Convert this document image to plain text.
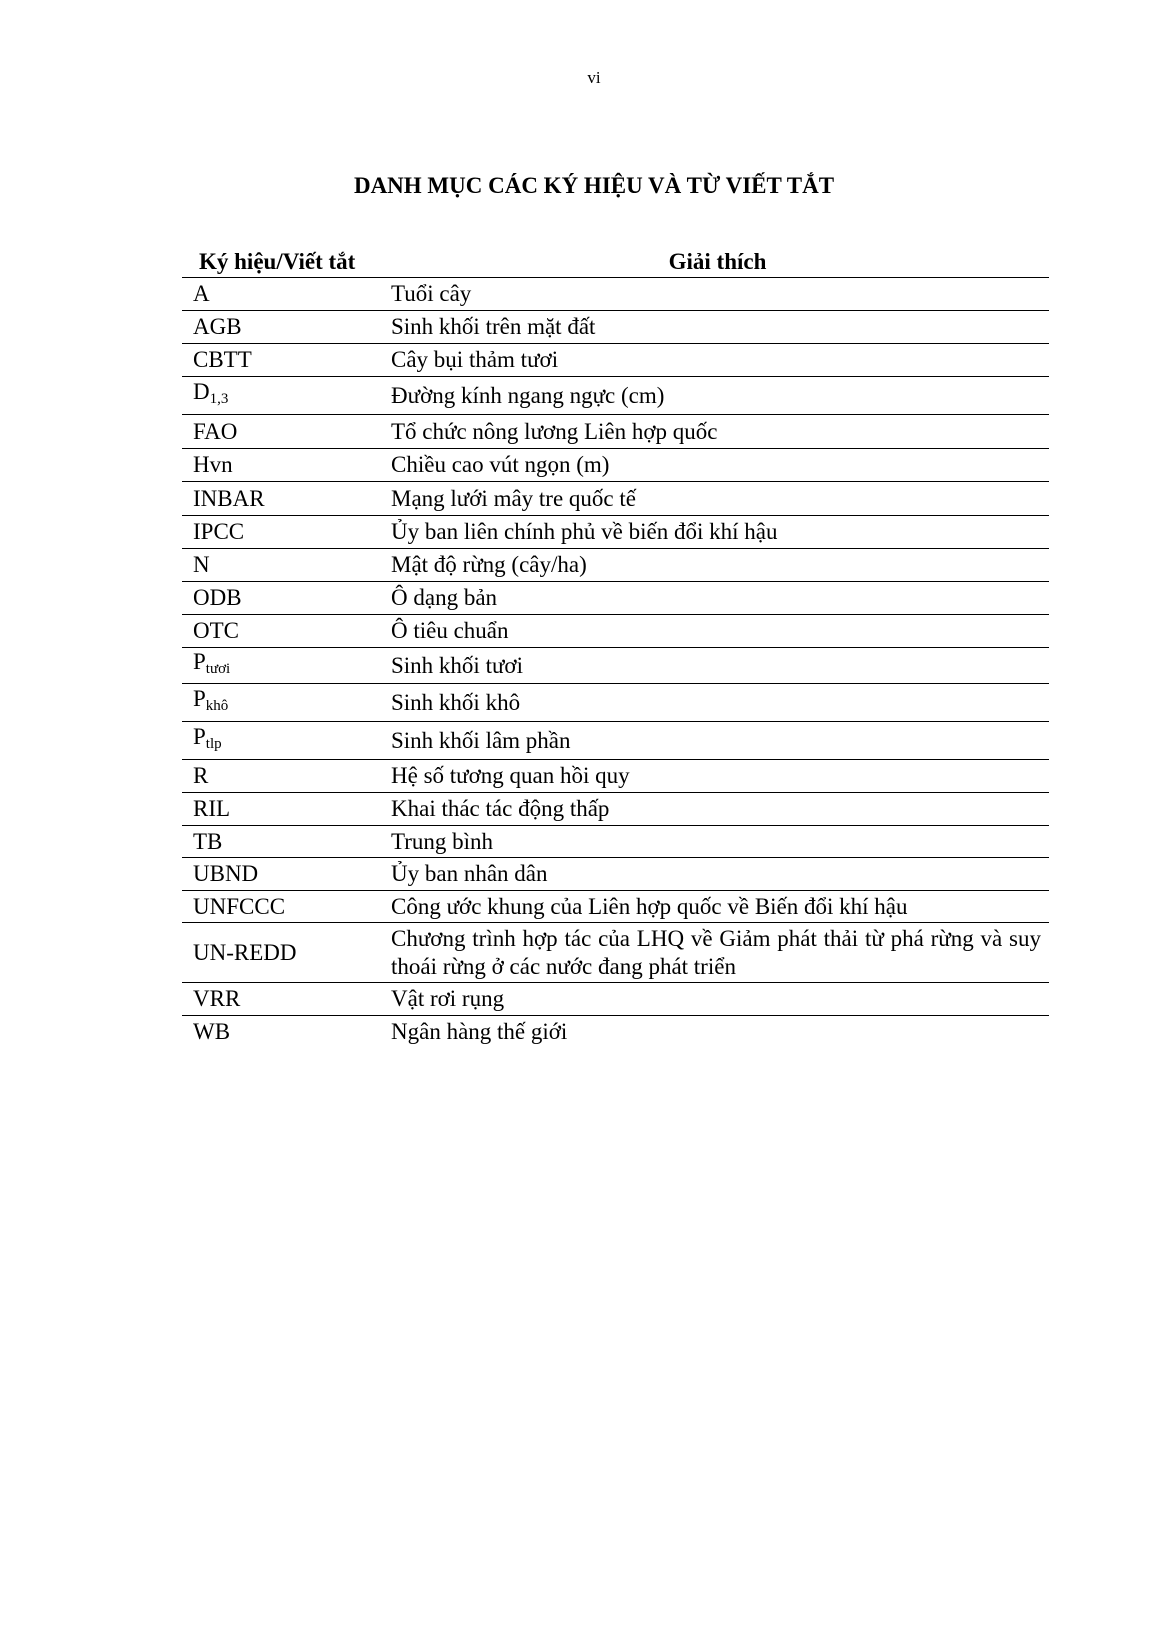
vi
DANH MỤC CÁC KÝ HIỆU VÀ TỪ VIẾT TẮT
Ký hiệu/Viết tắt	Giải thích
A	Tuổi cây
AGB	Sinh khối trên mặt đất
CBTT	Cây bụi thảm tươi
$D_{1,3}$	Đường kính ngang ngực (cm)
FAO	Tổ chức nông lương Liên hợp quốc
Hvn	Chiều cao vút ngọn (m)
INBAR	Mạng lưới mây tre quốc tế
IPCC	Ủy ban liên chính phủ về biến đổi khí hậu
N	Mật độ rừng (cây/ha)
ODB	Ô dạng bản
OTC	Ô tiêu chuẩn
$P_{tươi}$	Sinh khối tươi
$P_{khô}$	Sinh khối khô
$P_{tlp}$	Sinh khối lâm phần
R	Hệ số tương quan hồi quy
RIL	Khai thác tác động thấp
TB	Trung bình
UBND	Ủy ban nhân dân
UNFCCC	Công ước khung của Liên hợp quốc về Biến đổi khí hậu
UN-REDD	Chương trình hợp tác của LHQ về Giảm phát thải từ phá rừng và suy thoái rừng ở các nước đang phát triển
VRR	Vật rơi rụng
WB	Ngân hàng thế giới
